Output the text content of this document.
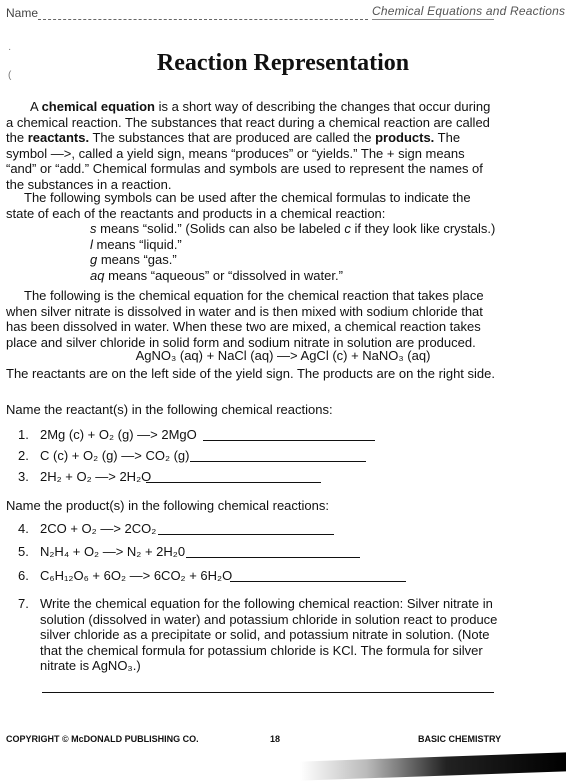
Name	Chemical Equations and Reactions
·
(	Reaction Representation
A chemical equation is a short way of describing the changes that occur during a chemical reaction. The substances that react during a chemical reaction are called the reactants. The substances that are produced are called the products. The symbol —>, called a yield sign, means “produces” or “yields.” The + sign means “and” or “add.” Chemical formulas and symbols are used to represent the names of the substances in a reaction.
The following symbols can be used after the chemical formulas to indicate the state of each of the reactants and products in a chemical reaction:
s means “solid.” (Solids can also be labeled c if they look like crystals.)
l means “liquid.”
g means “gas.”
aq means “aqueous” or “dissolved in water.”
The following is the chemical equation for the chemical reaction that takes place when silver nitrate is dissolved in water and is then mixed with sodium chloride that has been dissolved in water. When these two are mixed, a chemical reaction takes place and silver chloride in solid form and sodium nitrate in solution are produced.
AgNO₃ (aq) + NaCl (aq) —> AgCl (c) + NaNO₃ (aq)
The reactants are on the left side of the yield sign. The products are on the right side.
Name the reactant(s) in the following chemical reactions:
1. 2Mg (c) + O₂ (g) —> 2MgO
2. C (c) + O₂ (g) —> CO₂ (g)
3. 2H₂ + O₂ —> 2H₂O
Name the product(s) in the following chemical reactions:
4. 2CO + O₂ —> 2CO₂
5. N₂H₄ + O₂ —> N₂ + 2H₂0
6. C₆H₁₂O₆ + 6O₂ —> 6CO₂ + 6H₂O
7. Write the chemical equation for the following chemical reaction: Silver nitrate in solution (dissolved in water) and potassium chloride in solution react to produce silver chloride as a precipitate or solid, and potassium nitrate in solution. (Note that the chemical formula for potassium chloride is KCl. The formula for silver nitrate is AgNO₃.)
COPYRIGHT © McDONALD PUBLISHING CO.	18	BASIC CHEMISTRY
